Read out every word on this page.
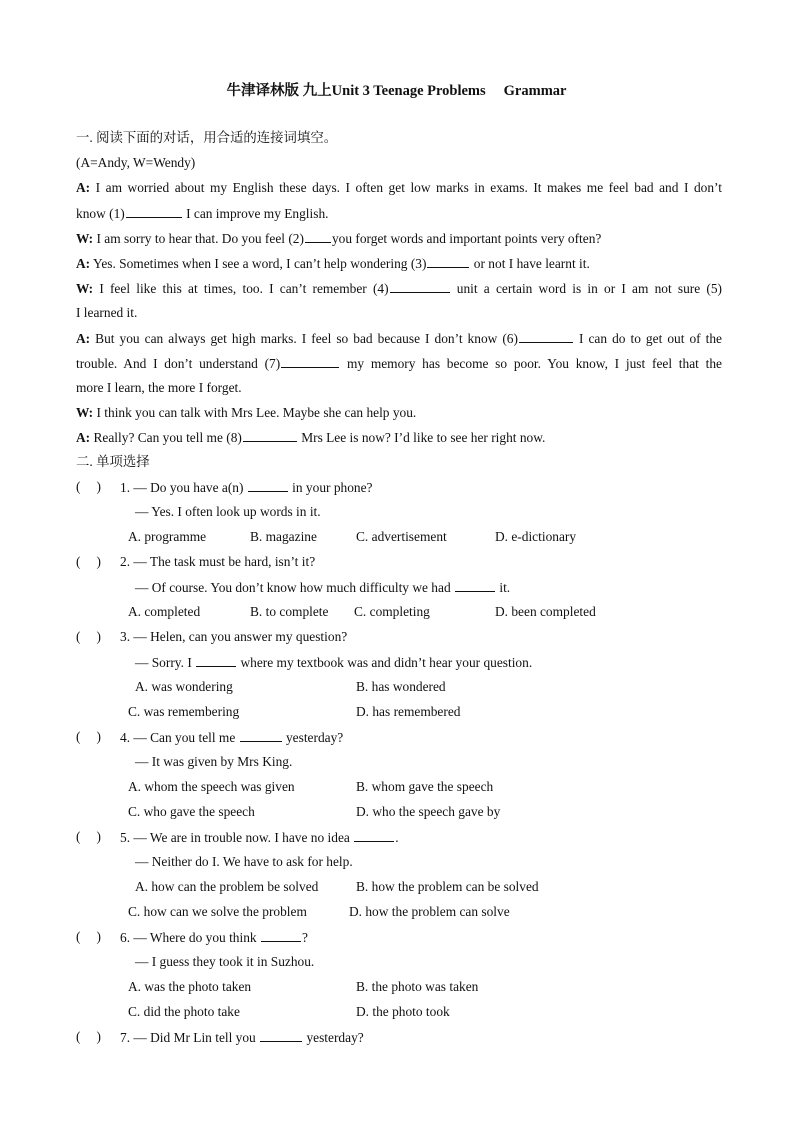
牛津译林版 九上Unit 3 Teenage Problems Grammar
一. 阅读下面的对话，用合适的连接词填空。
(A=Andy, W=Wendy)
A: I am worried about my English these days. I often get low marks in exams. It makes me feel bad and I don’t
know (1)	I can improve my English.
W: I am sorry to hear that. Do you feel (2) you forget words and important points very often?
A: Yes. Sometimes when I see a word, I can’t help wondering (3)	or not I have learnt it.
W: I feel like this at times, too. I can’t remember (4)	unit a certain word is in or I am not sure (5)
I learned it.
A: But you can always get high marks. I feel so bad because I don’t know (6)	I can do to get out of the
trouble. And I don’t understand (7)	my memory has become so poor. You know, I just feel that the
more I learn, the more I forget.
W: I think you can talk with Mrs Lee. Maybe she can help you.
A: Really? Can you tell me (8)	Mrs Lee is now? I’d like to see her right now.
二. 单项选择
( ) 1. — Do you have a(n)	in your phone?
— Yes. I often look up words in it.
A. programme	B. magazine	C. advertisement	D. e-dictionary
( ) 2. — The task must be hard, isn’t it?
— Of course. You don’t know how much difficulty we had	it.
A. completed	B. to complete C. completing	D. been completed
( ) 3. — Helen, can you answer my question?
— Sorry. I	where my textbook was and didn’t hear your question.
A. was wondering	B. has wondered
C. was remembering	D. has remembered
( ) 4. — Can you tell me	yesterday?
— It was given by Mrs King.
A. whom the speech was given	B. whom gave the speech
C. who gave the speech	D. who the speech gave by
( ) 5. — We are in trouble now. I have no idea	.
— Neither do I. We have to ask for help.
A. how can the problem be solved	B. how the problem can be solved
C. how can we solve the problem	D. how the problem can solve
( ) 6. — Where do you think	?
— I guess they took it in Suzhou.
A. was the photo taken	B. the photo was taken
C. did the photo take	D. the photo took
( ) 7. — Did Mr Lin tell you	yesterday?
